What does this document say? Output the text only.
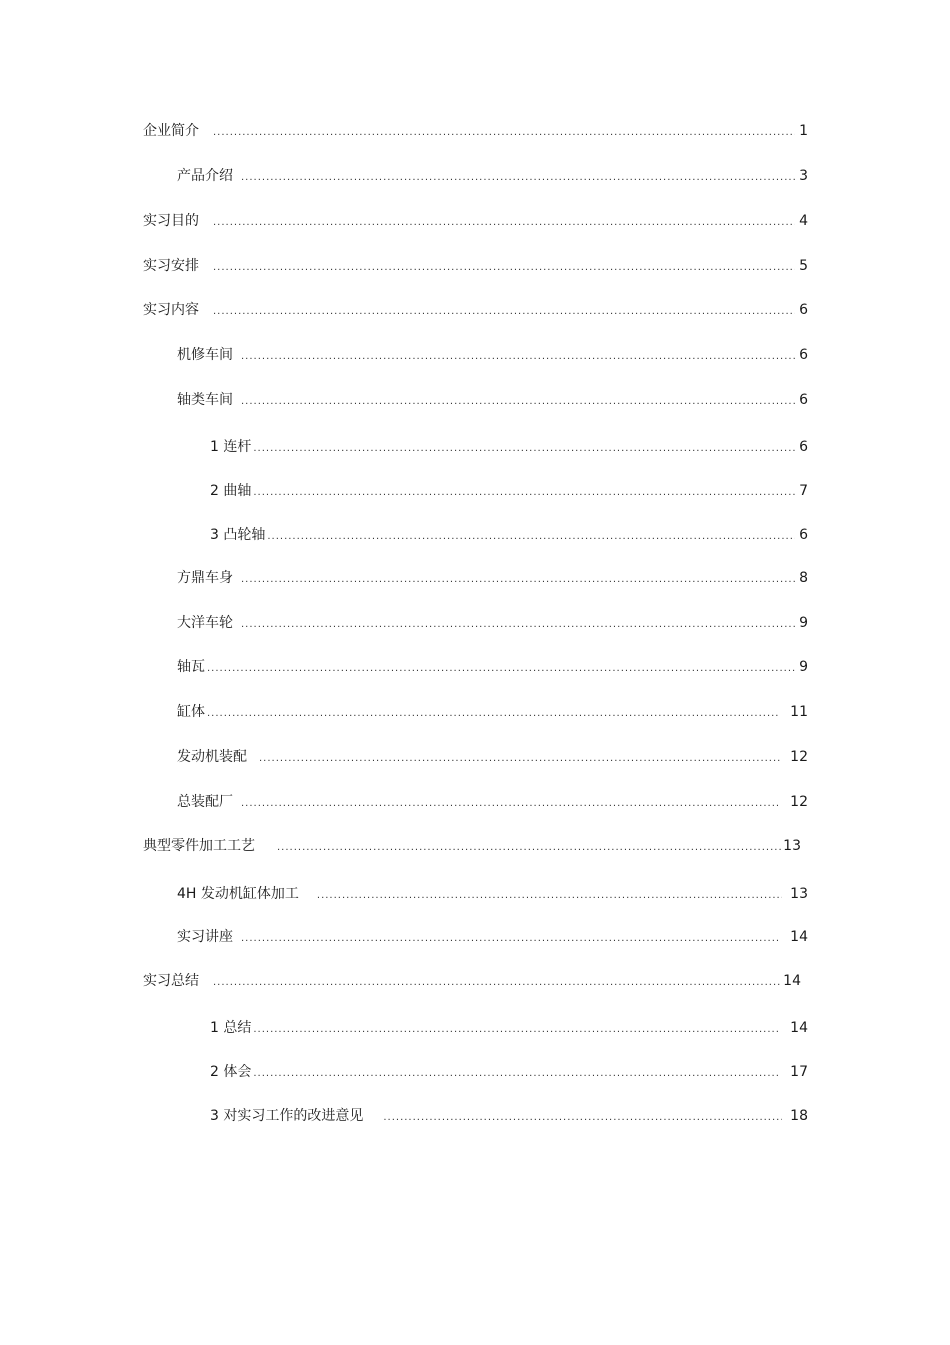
企业简介 .....	1
产品介绍 .....	3
实习目的 .....	4
实习安排 .....	5
实习内容 .....	6
机修车间 .....	6
轴类车间 .....	6
1 连杆 .....	6
2 曲轴 .....	7
3 凸轮轴 .....	6
方鼎车身 .....	8
大洋车轮 .....	9
轴瓦 .....	9
缸体 .....	11
发动机装配 .....	12
总装配厂 .....	12
典型零件加工工艺 .....	13
4H 发动机缸体加工 .....	13
实习讲座 .....	14
实习总结 .....	14
1 总结 .....	14
2 体会 .....	17
3 对实习工作的改进意见 .....	18
